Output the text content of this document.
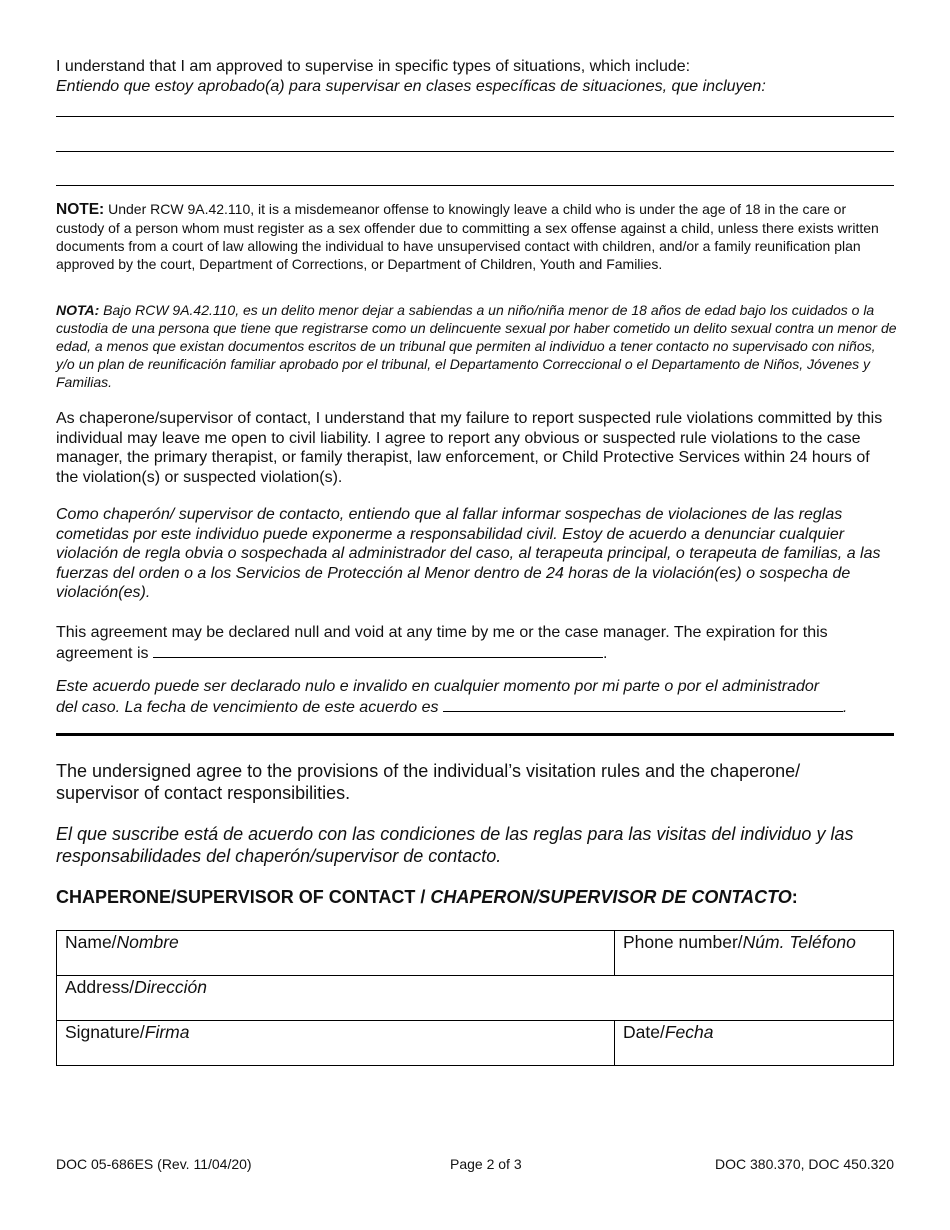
I understand that I am approved to supervise in specific types of situations, which include:
Entiendo que estoy aprobado(a) para supervisar en clases específicas de situaciones, que incluyen:
NOTE: Under RCW 9A.42.110, it is a misdemeanor offense to knowingly leave a child who is under the age of 18 in the care or custody of a person whom must register as a sex offender due to committing a sex offense against a child, unless there exists written documents from a court of law allowing the individual to have unsupervised contact with children, and/or a family reunification plan approved by the court, Department of Corrections, or Department of Children, Youth and Families.
NOTA: Bajo RCW 9A.42.110, es un delito menor dejar a sabiendas a un niño/niña menor de 18 años de edad bajo los cuidados o la custodia de una persona que tiene que registrarse como un delincuente sexual por haber cometido un delito sexual contra un menor de edad, a menos que existan documentos escritos de un tribunal que permiten al individuo a tener contacto no supervisado con niños, y/o un plan de reunificación familiar aprobado por el tribunal, el Departamento Correccional o el Departamento de Niños, Jóvenes y Familias.
As chaperone/supervisor of contact, I understand that my failure to report suspected rule violations committed by this individual may leave me open to civil liability. I agree to report any obvious or suspected rule violations to the case manager, the primary therapist, or family therapist, law enforcement, or Child Protective Services within 24 hours of the violation(s) or suspected violation(s).
Como chaperón/ supervisor de contacto, entiendo que al fallar informar sospechas de violaciones de las reglas cometidas por este individuo puede exponerme a responsabilidad civil. Estoy de acuerdo a denunciar cualquier violación de regla obvia o sospechada al administrador del caso, al terapeuta principal, o terapeuta de familias, a las fuerzas del orden o a los Servicios de Protección al Menor dentro de 24 horas de la violación(es) o sospecha de violación(es).
This agreement may be declared null and void at any time by me or the case manager. The expiration for this
agreement is	.
Este acuerdo puede ser declarado nulo e invalido en cualquier momento por mi parte o por el administrador
del caso. La fecha de vencimiento de este acuerdo es	.
The undersigned agree to the provisions of the individual’s visitation rules and the chaperone/ supervisor of contact responsibilities.
El que suscribe está de acuerdo con las condiciones de las reglas para las visitas del individuo y las responsabilidades del chaperón/supervisor de contacto.
CHAPERONE/SUPERVISOR OF CONTACT / CHAPERON/SUPERVISOR DE CONTACTO:
Name/Nombre	Phone number/Núm. Teléfono
Address/Dirección	
Signature/Firma	Date/Fecha
DOC 05-686ES (Rev. 11/04/20)	Page 2 of 3	DOC 380.370, DOC 450.320
